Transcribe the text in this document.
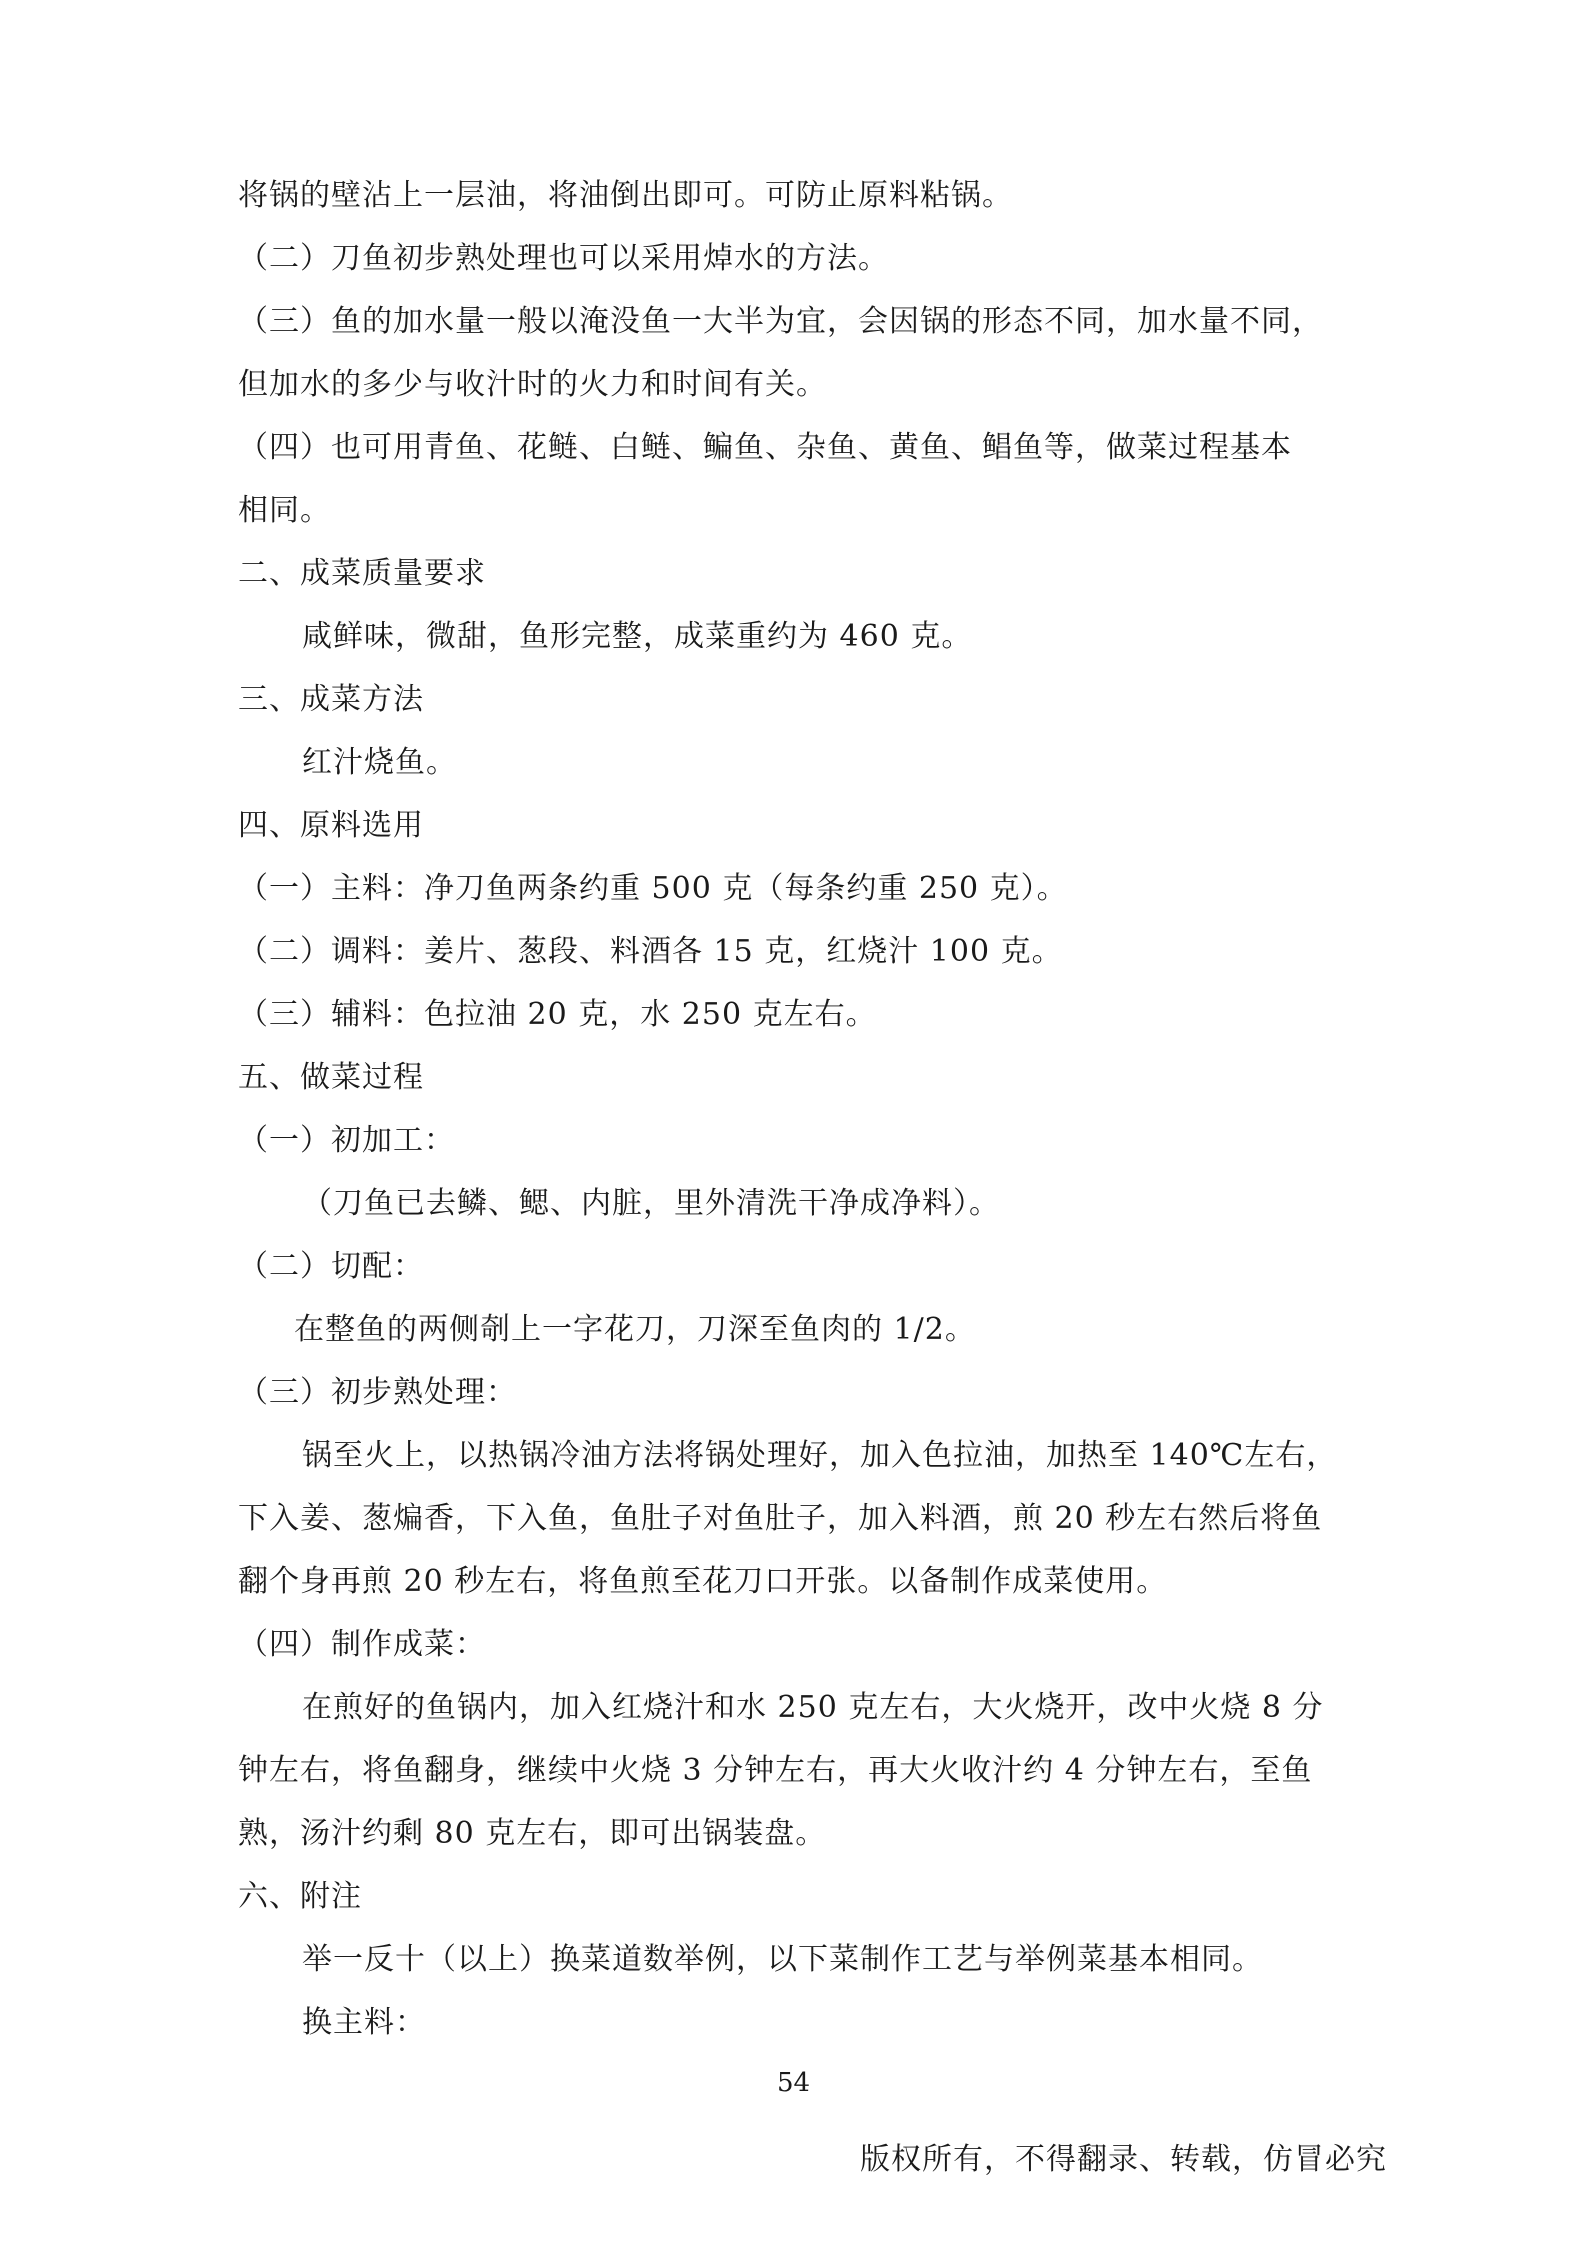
将锅的壁沾上一层油，将油倒出即可。可防止原料粘锅。
（二）刀鱼初步熟处理也可以采用焯水的方法。
（三）鱼的加水量一般以淹没鱼一大半为宜，会因锅的形态不同，加水量不同，
但加水的多少与收汁时的火力和时间有关。
（四）也可用青鱼、花鲢、白鲢、鳊鱼、杂鱼、黄鱼、鲳鱼等，做菜过程基本
相同。
二、成菜质量要求
咸鲜味，微甜，鱼形完整，成菜重约为 460 克。
三、成菜方法
红汁烧鱼。
四、原料选用
（一）主料：净刀鱼两条约重 500 克（每条约重 250 克）。
（二）调料：姜片、葱段、料酒各 15 克，红烧汁 100 克。
（三）辅料：色拉油 20 克，水 250 克左右。
五、做菜过程
（一）初加工：
（刀鱼已去鳞、鳃、内脏，里外清洗干净成净料）。
（二）切配：
在整鱼的两侧剞上一字花刀，刀深至鱼肉的 1/2。
（三）初步熟处理：
锅至火上，以热锅冷油方法将锅处理好，加入色拉油，加热至 140℃左右，
下入姜、葱煸香，下入鱼，鱼肚子对鱼肚子，加入料酒，煎 20 秒左右然后将鱼
翻个身再煎 20 秒左右，将鱼煎至花刀口开张。以备制作成菜使用。
（四）制作成菜：
在煎好的鱼锅内，加入红烧汁和水 250 克左右，大火烧开，改中火烧 8 分
钟左右，将鱼翻身，继续中火烧 3 分钟左右，再大火收汁约 4 分钟左右，至鱼
熟，汤汁约剩 80 克左右，即可出锅装盘。
六、附注
举一反十（以上）换菜道数举例，以下菜制作工艺与举例菜基本相同。
换主料：
54
版权所有，不得翻录、转载，仿冒必究
